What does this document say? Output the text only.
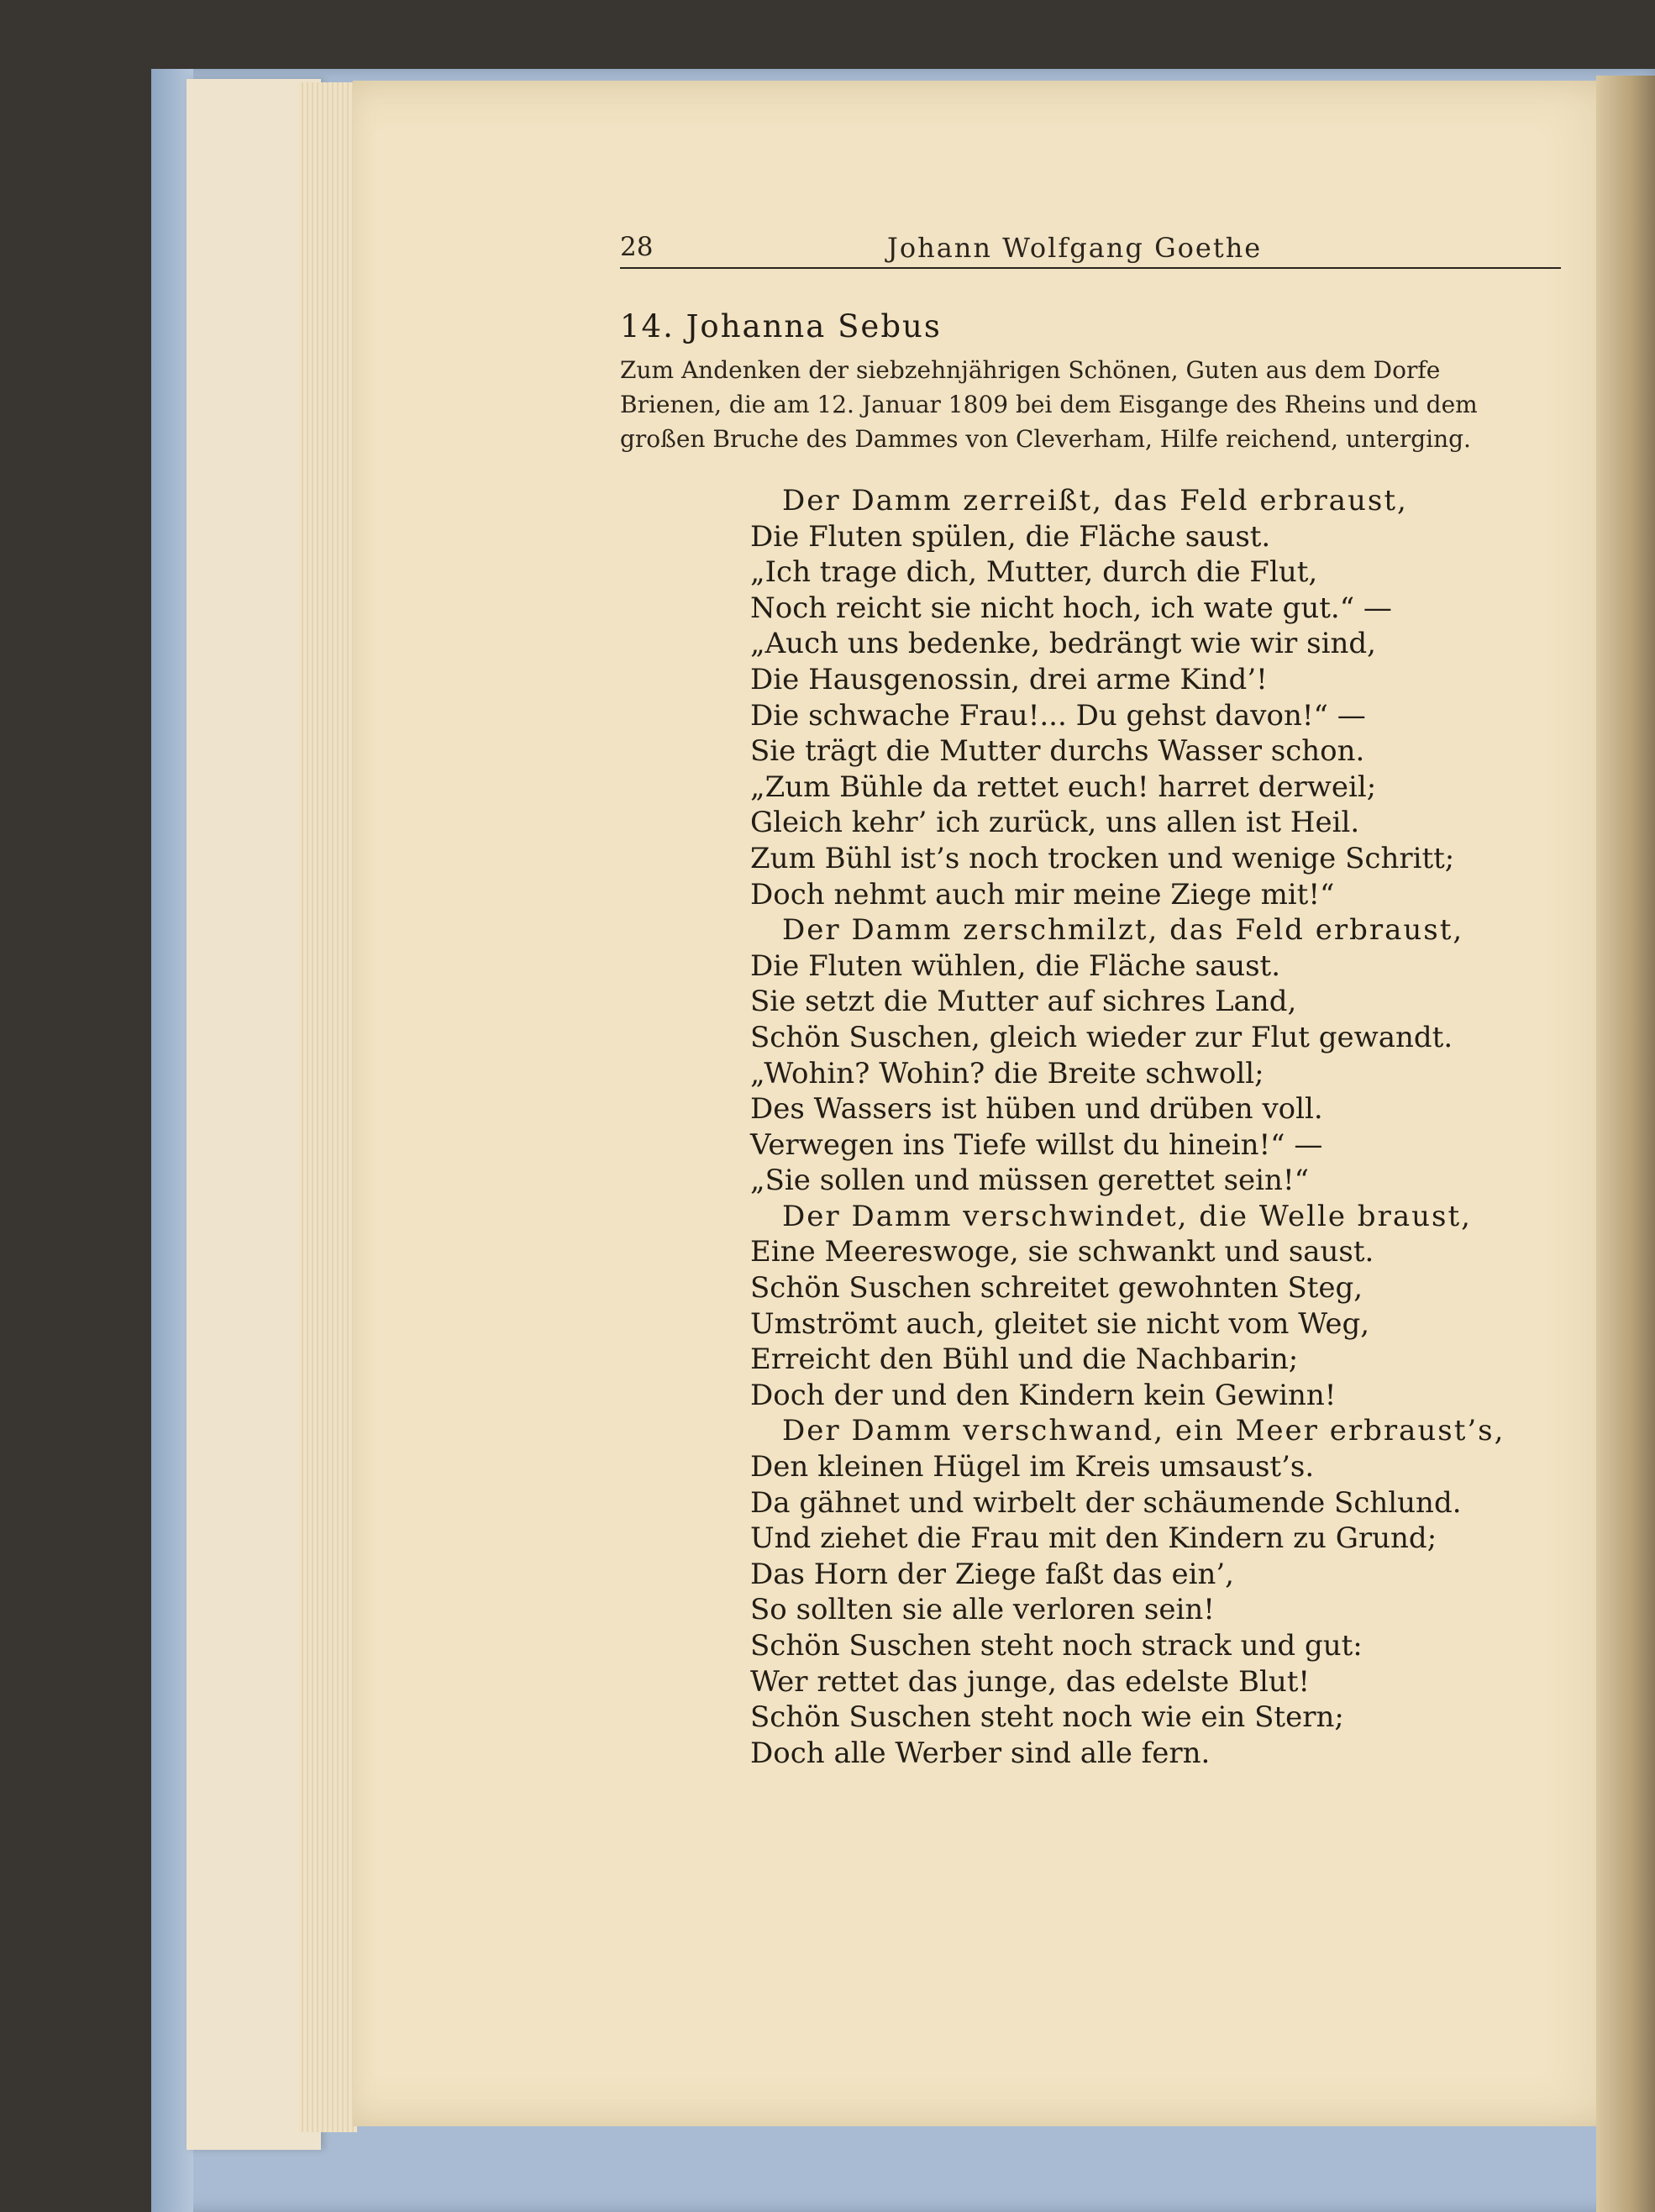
28	Johann Wolfgang Goethe
14. Johanna Sebus
Zum Andenken der siebzehnjährigen Schönen, Guten aus dem Dorfe
Brienen, die am 12. Januar 1809 bei dem Eisgange des Rheins und dem
großen Bruche des Dammes von Cleverham, Hilfe reichend, unterging.
Der Damm zerreißt, das Feld erbraust,
Die Fluten spülen, die Fläche saust.
„Ich trage dich, Mutter, durch die Flut,
Noch reicht sie nicht hoch, ich wate gut.“ —
„Auch uns bedenke, bedrängt wie wir sind,
Die Hausgenossin, drei arme Kind’!
Die schwache Frau!... Du gehst davon!“ —
Sie trägt die Mutter durchs Wasser schon.
„Zum Bühle da rettet euch! harret derweil;
Gleich kehr’ ich zurück, uns allen ist Heil.
Zum Bühl ist’s noch trocken und wenige Schritt;
Doch nehmt auch mir meine Ziege mit!“
Der Damm zerschmilzt, das Feld erbraust,
Die Fluten wühlen, die Fläche saust.
Sie setzt die Mutter auf sichres Land,
Schön Suschen, gleich wieder zur Flut gewandt.
„Wohin? Wohin? die Breite schwoll;
Des Wassers ist hüben und drüben voll.
Verwegen ins Tiefe willst du hinein!“ —
„Sie sollen und müssen gerettet sein!“
Der Damm verschwindet, die Welle braust,
Eine Meereswoge, sie schwankt und saust.
Schön Suschen schreitet gewohnten Steg,
Umströmt auch, gleitet sie nicht vom Weg,
Erreicht den Bühl und die Nachbarin;
Doch der und den Kindern kein Gewinn!
Der Damm verschwand, ein Meer erbraust’s,
Den kleinen Hügel im Kreis umsaust’s.
Da gähnet und wirbelt der schäumende Schlund.
Und ziehet die Frau mit den Kindern zu Grund;
Das Horn der Ziege faßt das ein’,
So sollten sie alle verloren sein!
Schön Suschen steht noch strack und gut:
Wer rettet das junge, das edelste Blut!
Schön Suschen steht noch wie ein Stern;
Doch alle Werber sind alle fern.
